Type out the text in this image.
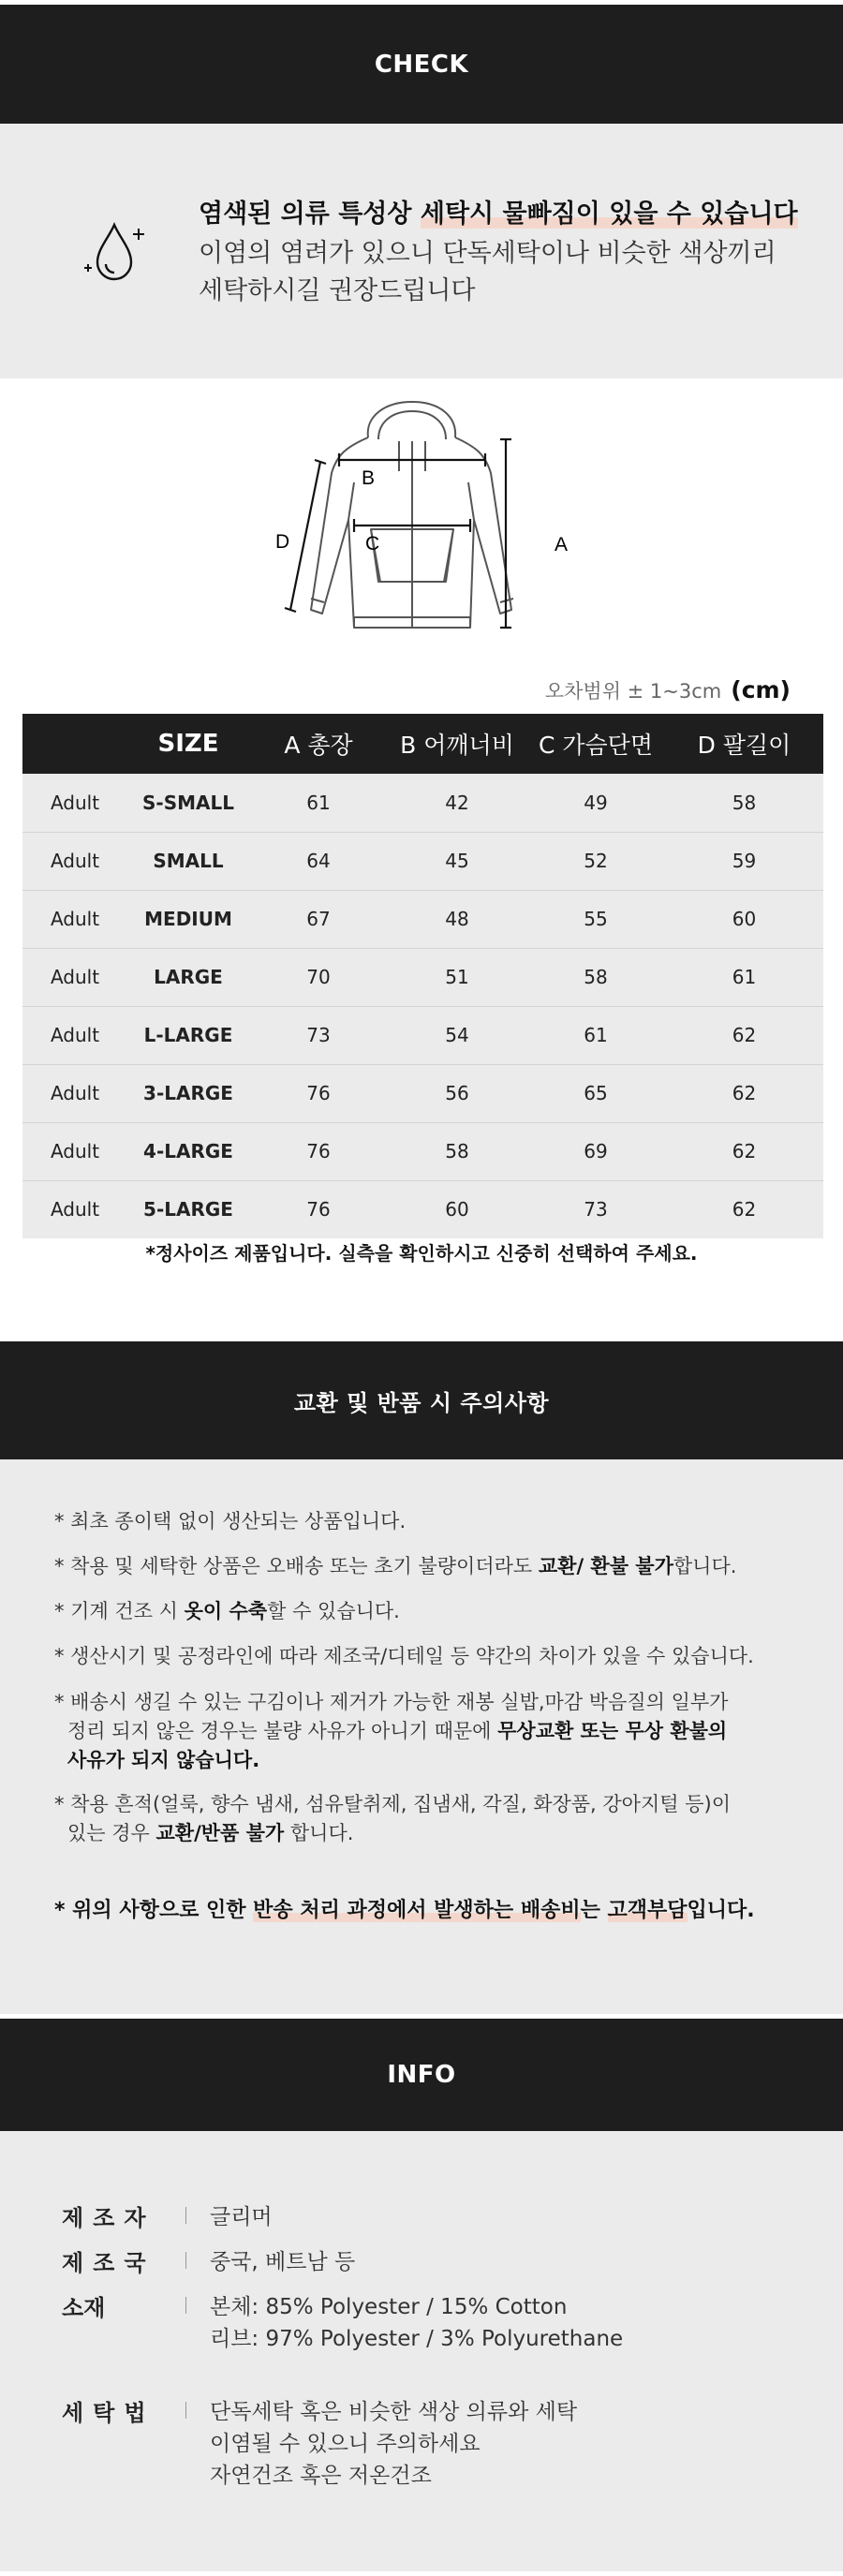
CHECK
염색된 의류 특성상 세탁시 물빠짐이 있을 수 있습니다
이염의 염려가 있으니 단독세탁이나 비슷한 색상끼리
세탁하시길 권장드립니다
B
C	A
D
오차범위 ± 1~3cm (cm)
	SIZE	A 총장	B 어깨너비	C 가슴단면	D 팔길이
Adult	S-SMALL	61	42	49	58
Adult	SMALL	64	45	52	59
Adult	MEDIUM	67	48	55	60
Adult	LARGE	70	51	58	61
Adult	L-LARGE	73	54	61	62
Adult	3-LARGE	76	56	65	62
Adult	4-LARGE	76	58	69	62
Adult	5-LARGE	76	60	73	62
*정사이즈 제품입니다. 실측을 확인하시고 신중히 선택하여 주세요.
교환 및 반품 시 주의사항
* 최초 종이택 없이 생산되는 상품입니다.
* 착용 및 세탁한 상품은 오배송 또는 초기 불량이더라도 교환/ 환불 불가합니다.
* 기계 건조 시 옷이 수축할 수 있습니다.
* 생산시기 및 공정라인에 따라 제조국/디테일 등 약간의 차이가 있을 수 있습니다.
* 배송시 생길 수 있는 구김이나 제거가 가능한 재봉 실밥,마감 박음질의 일부가
정리 되지 않은 경우는 불량 사유가 아니기 때문에 무상교환 또는 무상 환불의
사유가 되지 않습니다.
* 착용 흔적(얼룩, 향수 냄새, 섬유탈취제, 집냄새, 각질, 화장품, 강아지털 등)이
있는 경우 교환/반품 불가 합니다.
* 위의 사항으로 인한 반송 처리 과정에서 발생하는 배송비는 고객부담입니다.
INFO
제조자	글리머
제조국	중국, 베트남 등
소재	본체: 85% Polyester / 15% Cotton
리브: 97% Polyester / 3% Polyurethane
세탁법	단독세탁 혹은 비슷한 색상 의류와 세탁
이염될 수 있으니 주의하세요
자연건조 혹은 저온건조
